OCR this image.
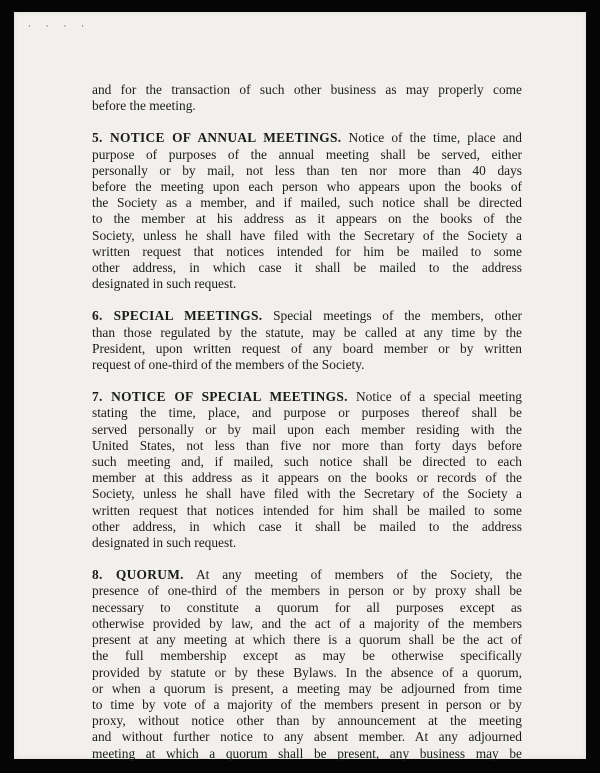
· · · ·

and for the transaction of such other business as may properly come
before the meeting.

5. NOTICE OF ANNUAL MEETINGS. Notice of the time, place and
purpose of purposes of the annual meeting shall be served, either
personally or by mail, not less than ten nor more than 40 days
before the meeting upon each person who appears upon the books of
the Society as a member, and if mailed, such notice shall be directed
to the member at his address as it appears on the books of the
Society, unless he shall have filed with the Secretary of the Society a
written request that notices intended for him be mailed to some
other address, in which case it shall be mailed to the address
designated in such request.

6. SPECIAL MEETINGS. Special meetings of the members, other
than those regulated by the statute, may be called at any time by the
President, upon written request of any board member or by written
request of one-third of the members of the Society.

7. NOTICE OF SPECIAL MEETINGS. Notice of a special meeting
stating the time, place, and purpose or purposes thereof shall be
served personally or by mail upon each member residing with the
United States, not less than five nor more than forty days before
such meeting and, if mailed, such notice shall be directed to each
member at this address as it appears on the books or records of the
Society, unless he shall have filed with the Secretary of the Society a
written request that notices intended for him shall be mailed to some
other address, in which case it shall be mailed to the address
designated in such request.

8. QUORUM. At any meeting of members of the Society, the
presence of one-third of the members in person or by proxy shall be
necessary to constitute a quorum for all purposes except as
otherwise provided by law, and the act of a majority of the members
present at any meeting at which there is a quorum shall be the act of
the full membership except as may be otherwise specifically
provided by statute or by these Bylaws. In the absence of a quorum,
or when a quorum is present, a meeting may be adjourned from time
to time by vote of a majority of the members present in person or by
proxy, without notice other than by announcement at the meeting
and without further notice to any absent member. At any adjourned
meeting at which a quorum shall be present, any business may be
